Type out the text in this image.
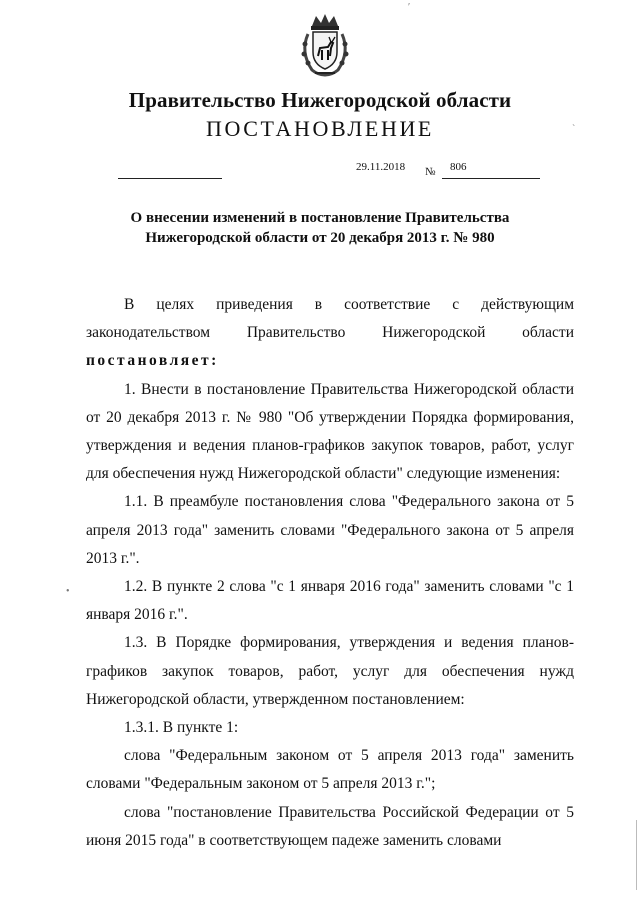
Правительство Нижегородской области
ПОСТАНОВЛЕНИЕ
29.11.2018 № 806
О внесении изменений в постановление Правительства
Нижегородской области от 20 декабря 2013 г. № 980
В целях приведения в соответствие с действующим законодательством Правительство Нижегородской области
постановляет:
1. Внести в постановление Правительства Нижегородской области от 20 декабря 2013 г. № 980 "Об утверждении Порядка формирования, утверждения и ведения планов-графиков закупок товаров, работ, услуг для обеспечения нужд Нижегородской области" следующие изменения:
1.1. В преамбуле постановления слова "Федерального закона от 5 апреля 2013 года" заменить словами "Федерального закона от 5 апреля 2013 г.".
1.2. В пункте 2 слова "с 1 января 2016 года" заменить словами "с 1 января 2016 г.".
1.3. В Порядке формирования, утверждения и ведения планов-графиков закупок товаров, работ, услуг для обеспечения нужд Нижегородской области, утвержденном постановлением:
1.3.1. В пункте 1:
слова "Федеральным законом от 5 апреля 2013 года" заменить словами "Федеральным законом от 5 апреля 2013 г.";
слова "постановление Правительства Российской Федерации от 5 июня 2015 года" в соответствующем падеже заменить словами
′
`
•
